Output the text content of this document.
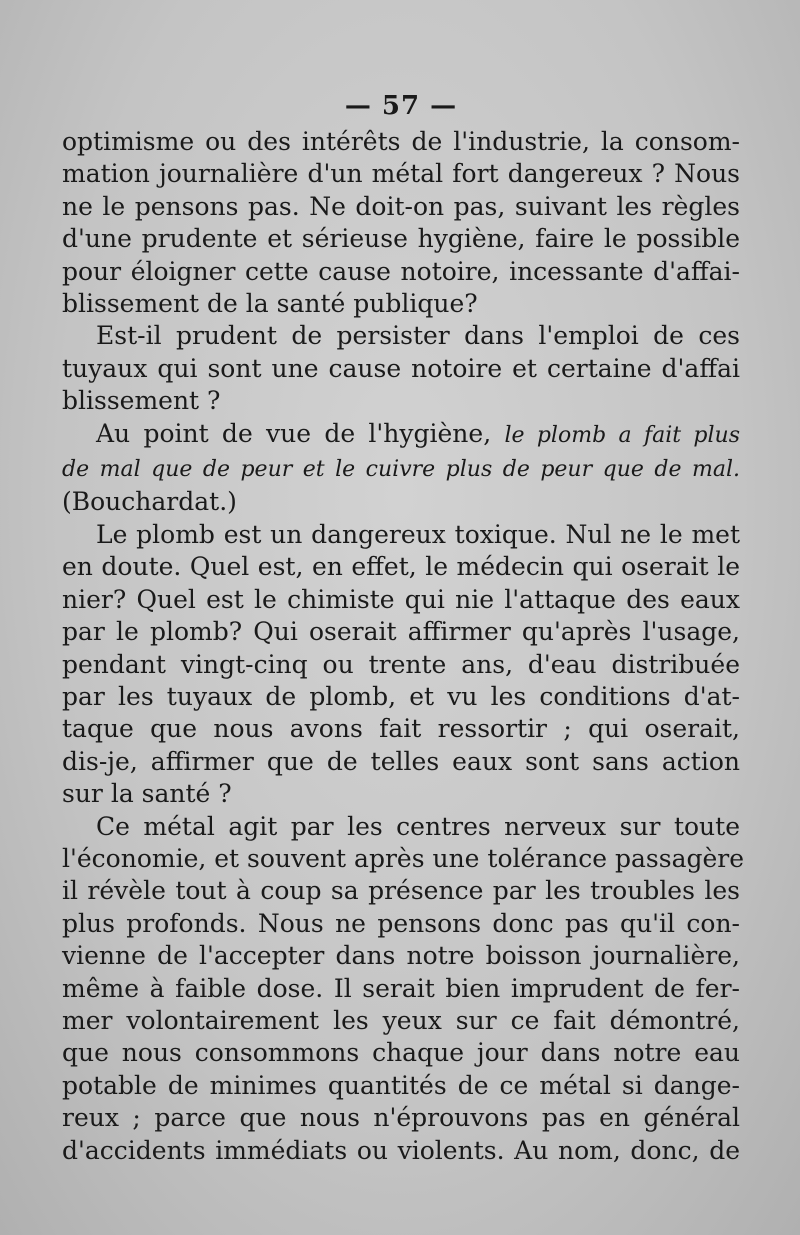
— 57 —
optimisme ou des intérêts de l'industrie, la consom-
mation journalière d'un métal fort dangereux ? Nous
ne le pensons pas. Ne doit-on pas, suivant les règles
d'une prudente et sérieuse hygiène, faire le possible
pour éloigner cette cause notoire, incessante d'affai-
blissement de la santé publique?
Est-il prudent de persister dans l'emploi de ces
tuyaux qui sont une cause notoire et certaine d'affai
blissement ?
Au point de vue de l'hygiène, le plomb a fait plus
de mal que de peur et le cuivre plus de peur que de mal.
(Bouchardat.)
Le plomb est un dangereux toxique. Nul ne le met
en doute. Quel est, en effet, le médecin qui oserait le
nier? Quel est le chimiste qui nie l'attaque des eaux
par le plomb? Qui oserait affirmer qu'après l'usage,
pendant vingt-cinq ou trente ans, d'eau distribuée
par les tuyaux de plomb, et vu les conditions d'at-
taque que nous avons fait ressortir ; qui oserait,
dis-je, affirmer que de telles eaux sont sans action
sur la santé ?
Ce métal agit par les centres nerveux sur toute
l'économie, et souvent après une tolérance passagère
il révèle tout à coup sa présence par les troubles les
plus profonds. Nous ne pensons donc pas qu'il con-
vienne de l'accepter dans notre boisson journalière,
même à faible dose. Il serait bien imprudent de fer-
mer volontairement les yeux sur ce fait démontré,
que nous consommons chaque jour dans notre eau
potable de minimes quantités de ce métal si dange-
reux ; parce que nous n'éprouvons pas en général
d'accidents immédiats ou violents. Au nom, donc, de
